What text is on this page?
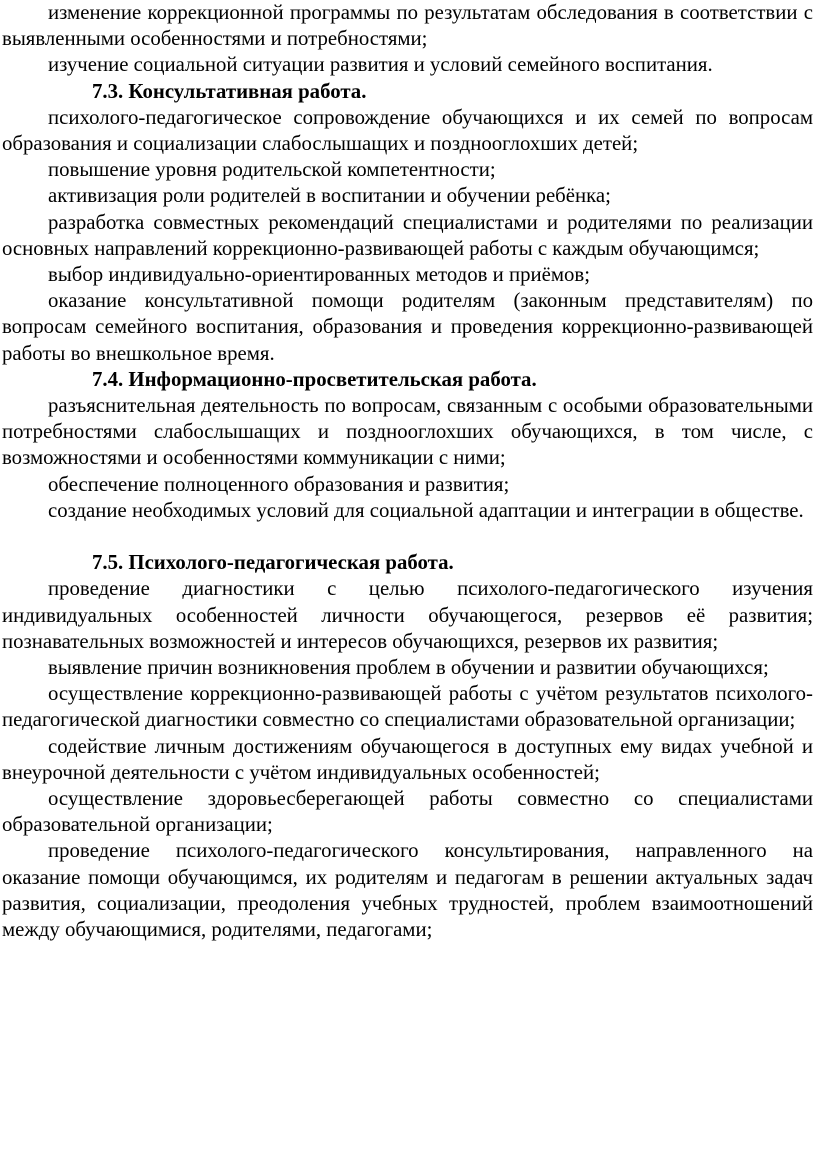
изменение коррекционной программы по результатам обследования в соответствии с выявленными особенностями и потребностями;

изучение социальной ситуации развития и условий семейного воспитания.

7.3. Консультативная работа.

психолого-педагогическое сопровождение обучающихся и их семей по вопросам образования и социализации слабослышащих и позднооглохших детей;

повышение уровня родительской компетентности;

активизация роли родителей в воспитании и обучении ребёнка;

разработка совместных рекомендаций специалистами и родителями по реализации основных направлений коррекционно-развивающей работы с каждым обучающимся;

выбор индивидуально-ориентированных методов и приёмов;

оказание консультативной помощи родителям (законным представителям) по вопросам семейного воспитания, образования и проведения коррекционно-развивающей работы во внешкольное время.

7.4. Информационно-просветительская работа.

разъяснительная деятельность по вопросам, связанным с особыми образовательными потребностями слабослышащих и позднооглохших обучающихся, в том числе, с возможностями и особенностями коммуникации с ними;

обеспечение полноценного образования и развития;

создание необходимых условий для социальной адаптации и интеграции в обществе.

7.5. Психолого-педагогическая работа.

проведение диагностики с целью психолого-педагогического изучения индивидуальных особенностей личности обучающегося, резервов её развития; познавательных возможностей и интересов обучающихся, резервов их развития;

выявление причин возникновения проблем в обучении и развитии обучающихся;

осуществление коррекционно-развивающей работы с учётом результатов психолого-педагогической диагностики совместно со специалистами образовательной организации;

содействие личным достижениям обучающегося в доступных ему видах учебной и внеурочной деятельности с учётом индивидуальных особенностей;

осуществление здоровьесберегающей работы совместно со специалистами образовательной организации;

проведение психолого-педагогического консультирования, направленного на оказание помощи обучающимся, их родителям и педагогам в решении актуальных задач развития, социализации, преодоления учебных трудностей, проблем взаимоотношений между обучающимися, родителями, педагогами;
